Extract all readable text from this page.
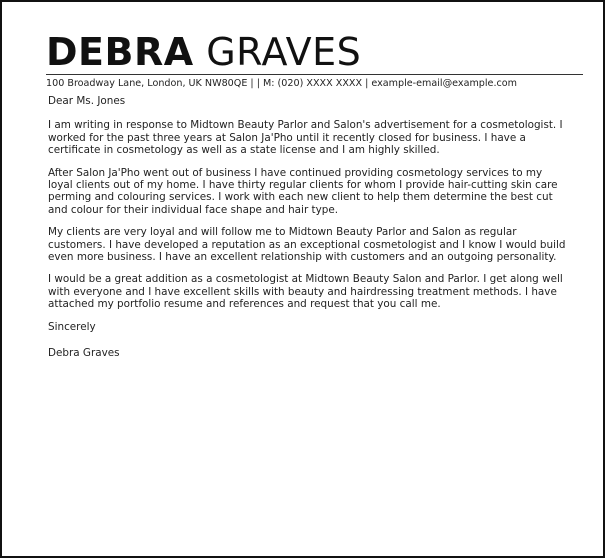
DEBRA GRAVES
100 Broadway Lane, London, UK NW80QE | | M: (020) XXXX XXXX | example-email@example.com

Dear Ms. Jones

I am writing in response to Midtown Beauty Parlor and Salon's advertisement for a cosmetologist. I worked for the past three years at Salon Ja'Pho until it recently closed for business. I have a certificate in cosmetology as well as a state license and I am highly skilled.

After Salon Ja'Pho went out of business I have continued providing cosmetology services to my loyal clients out of my home. I have thirty regular clients for whom I provide hair-cutting skin care perming and colouring services. I work with each new client to help them determine the best cut and colour for their individual face shape and hair type.

My clients are very loyal and will follow me to Midtown Beauty Parlor and Salon as regular customers. I have developed a reputation as an exceptional cosmetologist and I know I would build even more business. I have an excellent relationship with customers and an outgoing personality.

I would be a great addition as a cosmetologist at Midtown Beauty Salon and Parlor. I get along well with everyone and I have excellent skills with beauty and hairdressing treatment methods. I have attached my portfolio resume and references and request that you call me.

Sincerely

Debra Graves
